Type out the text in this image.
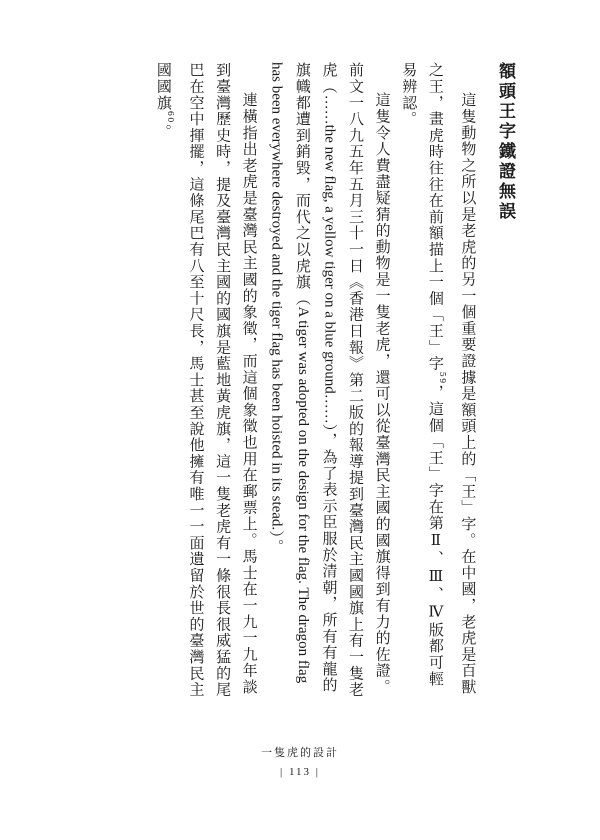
額頭王字鐵證無誤

這隻動物之所以是老虎的另一個重要證據是額頭上的「王」字。在中國，老虎是百獸之王，畫虎時往往在前額描上一個「王」字$^{59}$，這個「王」字在第Ⅱ、Ⅲ、Ⅳ版都可輕易辨認。

這隻令人費盡疑猜的動物是一隻老虎，還可以從臺灣民主國的國旗得到有力的佐證。前文一八九五年五月三十一日《香港日報》第二版的報導提到臺灣民主國國旗上有一隻老虎（……the new flag, a yellow tiger on a blue ground……），為了表示臣服於清朝，所有有龍的旗幟都遭到銷毀，而代之以虎旗（A tiger was adopted on the design for the flag. The dragon flag has been everywhere destroyed and the tiger flag has been hoisted in its stead.）。

連橫指出老虎是臺灣民主國的象徵，而這個象徵也用在郵票上。馬士在一九一九年談到臺灣歷史時，提及臺灣民主國的國旗是藍地黃虎旗，這一隻老虎有一條很長很威猛的尾巴在空中揮擺，這條尾巴有八至十尺長，馬士甚至說他擁有唯一一面遺留於世的臺灣民主國國旗$^{60}$。

一隻虎的設計
| 113 |
